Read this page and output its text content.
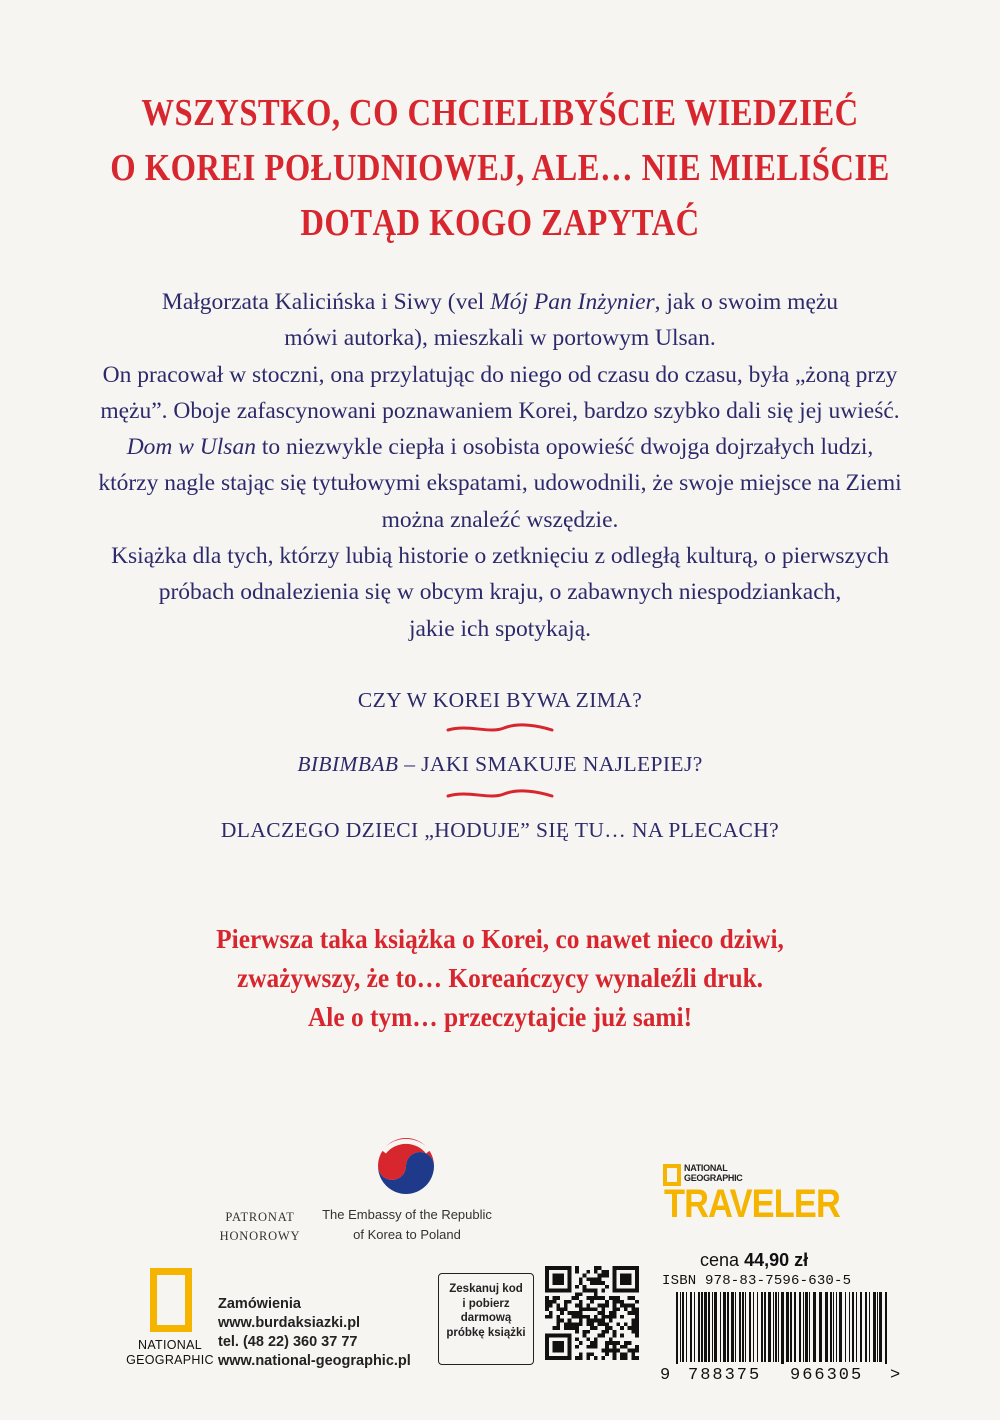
WSZYSTKO, CO CHCIELIBYŚCIE WIEDZIEĆ
O KOREI POŁUDNIOWEJ, ALE… NIE MIELIŚCIE
DOTĄD KOGO ZAPYTAĆ

Małgorzata Kalicińska i Siwy (vel Mój Pan Inżynier, jak o swoim mężu

mówi autorka), mieszkali w portowym Ulsan.

On pracował w stoczni, ona przylatując do niego od czasu do czasu, była „żoną przy

mężu”. Oboje zafascynowani poznawaniem Korei, bardzo szybko dali się jej uwieść.

Dom w Ulsan to niezwykle ciepła i osobista opowieść dwojga dojrzałych ludzi,

którzy nagle stając się tytułowymi ekspatami, udowodnili, że swoje miejsce na Ziemi

można znaleźć wszędzie.

Książka dla tych, którzy lubią historie o zetknięciu z odległą kulturą, o pierwszych

próbach odnalezienia się w obcym kraju, o zabawnych niespodziankach,

jakie ich spotykają.

CZY W KOREI BYWA ZIMA?
BIBIMBAB – JAKI SMAKUJE NAJLEPIEJ?
DLACZEGO DZIECI „HODUJE” SIĘ TU… NA PLECACH?
Pierwsza taka książka o Korei, co nawet nieco dziwi,
zważywszy, że to… Koreańczycy wynaleźli druk.
Ale o tym… przeczytajcie już sami!
PATRONAT
HONOROWY
The Embassy of the Republic
of Korea to Poland
NATIONAL
GEOGRAPHIC
TRAVELER
cena 44,90 zł
ISBN 978-83-7596-630-5
9 788375 966305 >
NATIONAL
GEOGRAPHIC
Zamówienia
www.burdaksiazki.pl
tel. (48 22) 360 37 77
www.national-geographic.pl
Zeskanuj kod
i pobierz
darmową
próbkę książki
